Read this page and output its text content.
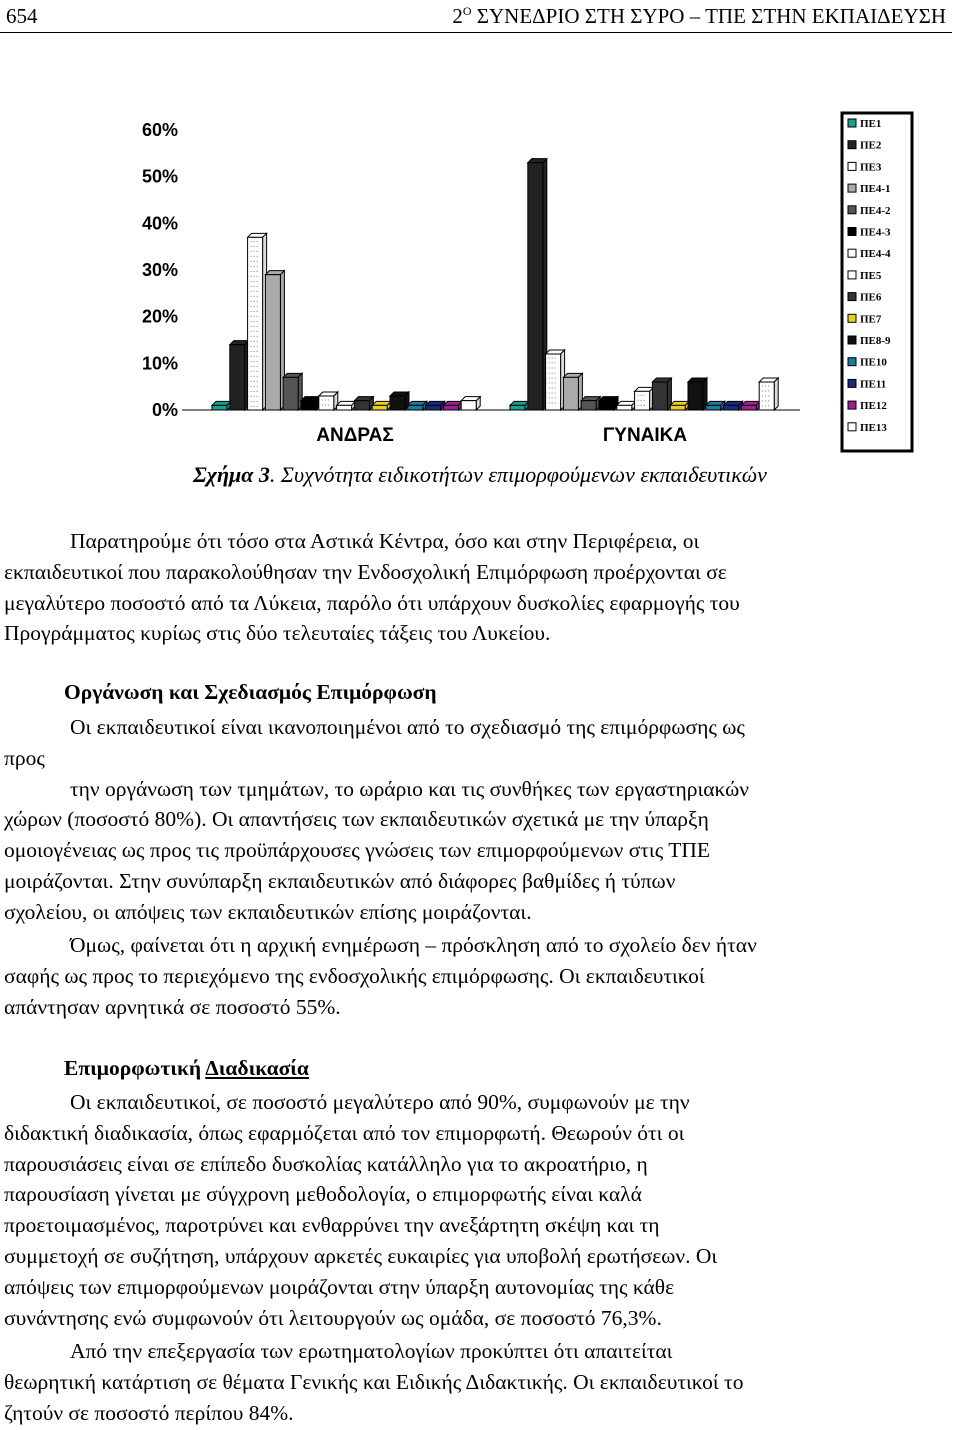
654	$2^O$ ΣΥΝΕΔΡΙΟ ΣΤΗ ΣΥΡΟ – ΤΠΕ ΣΤΗΝ ΕΚΠΑΙΔΕΥΣΗ
0%
10%
20%
30%
40%
50%
60%
ΑΝΔΡΑΣ	ΓΥΝΑΙΚΑ
ΠΕ1
ΠΕ2
ΠΕ3
ΠΕ4-1
ΠΕ4-2
ΠΕ4-3
ΠΕ4-4
ΠΕ5
ΠΕ6
ΠΕ7
ΠΕ8-9
ΠΕ10
ΠΕ11
ΠΕ12
ΠΕ13
Σχήμα 3. Συχνότητα ειδικοτήτων επιμορφούμενων εκπαιδευτικών
Παρατηρούμε ότι τόσο στα Αστικά Κέντρα, όσο και στην Περιφέρεια, οι
εκπαιδευτικοί που παρακολούθησαν την Ενδοσχολική Επιμόρφωση προέρχονται σε
μεγαλύτερο ποσοστό από τα Λύκεια, παρόλο ότι υπάρχουν δυσκολίες εφαρμογής του
Προγράμματος κυρίως στις δύο τελευταίες τάξεις του Λυκείου.
Οργάνωση και Σχεδιασμός Επιμόρφωση
Οι εκπαιδευτικοί είναι ικανοποιημένοι από το σχεδιασμό της επιμόρφωσης ως
προς
την οργάνωση των τμημάτων, το ωράριο και τις συνθήκες των εργαστηριακών
χώρων (ποσοστό 80%). Οι απαντήσεις των εκπαιδευτικών σχετικά με την ύπαρξη
ομοιογένειας ως προς τις προϋπάρχουσες γνώσεις των επιμορφούμενων στις ΤΠΕ
μοιράζονται. Στην συνύπαρξη εκπαιδευτικών από διάφορες βαθμίδες ή τύπων
σχολείου, οι απόψεις των εκπαιδευτικών επίσης μοιράζονται.
Όμως, φαίνεται ότι η αρχική ενημέρωση – πρόσκληση από το σχολείο δεν ήταν
σαφής ως προς το περιεχόμενο της ενδοσχολικής επιμόρφωσης. Οι εκπαιδευτικοί
απάντησαν αρνητικά σε ποσοστό 55%.
Επιμορφωτική Διαδικασία
Οι εκπαιδευτικοί, σε ποσοστό μεγαλύτερο από 90%, συμφωνούν με την
διδακτική διαδικασία, όπως εφαρμόζεται από τον επιμορφωτή. Θεωρούν ότι οι
παρουσιάσεις είναι σε επίπεδο δυσκολίας κατάλληλο για το ακροατήριο, η
παρουσίαση γίνεται με σύγχρονη μεθοδολογία, ο επιμορφωτής είναι καλά
προετοιμασμένος, παροτρύνει και ενθαρρύνει την ανεξάρτητη σκέψη και τη
συμμετοχή σε συζήτηση, υπάρχουν αρκετές ευκαιρίες για υποβολή ερωτήσεων. Οι
απόψεις των επιμορφούμενων μοιράζονται στην ύπαρξη αυτονομίας της κάθε
συνάντησης ενώ συμφωνούν ότι λειτουργούν ως ομάδα, σε ποσοστό 76,3%.
Από την επεξεργασία των ερωτηματολογίων προκύπτει ότι απαιτείται
θεωρητική κατάρτιση σε θέματα Γενικής και Ειδικής Διδακτικής. Οι εκπαιδευτικοί το
ζητούν σε ποσοστό περίπου 84%.
